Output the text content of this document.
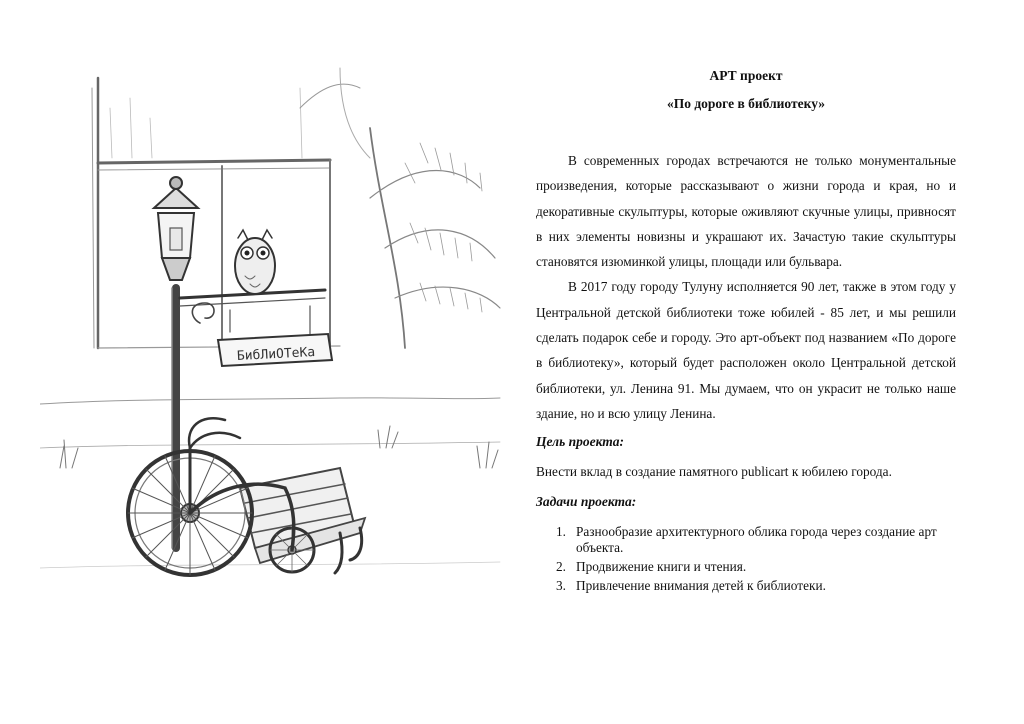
БибЛиОТеКа

АРТ проект

«По дороге в библиотеку»

В современных городах встречаются не только монументальные произведения, которые рассказывают о жизни города и края, но и декоративные скульптуры, которые оживляют скучные улицы, привносят в них элементы новизны и украшают их. Зачастую такие скульптуры становятся изюминкой улицы, площади или бульвара.

В 2017 году городу Тулуну исполняется 90 лет, также в этом году у Центральной детской библиотеки тоже юбилей - 85 лет, и мы решили сделать подарок себе и городу. Это арт-объект под названием «По дороге в библиотеку», который будет расположен около Центральной детской библиотеки, ул. Ленина 91. Мы думаем, что он украсит не только наше здание, но и всю улицу Ленина.

Цель проекта:

Внести вклад в создание памятного publicart к юбилею города.

Задачи проекта:

1. Разнообразие архитектурного облика города через создание арт объекта.
2. Продвижение книги и чтения.
3. Привлечение внимания детей к библиотеки.
